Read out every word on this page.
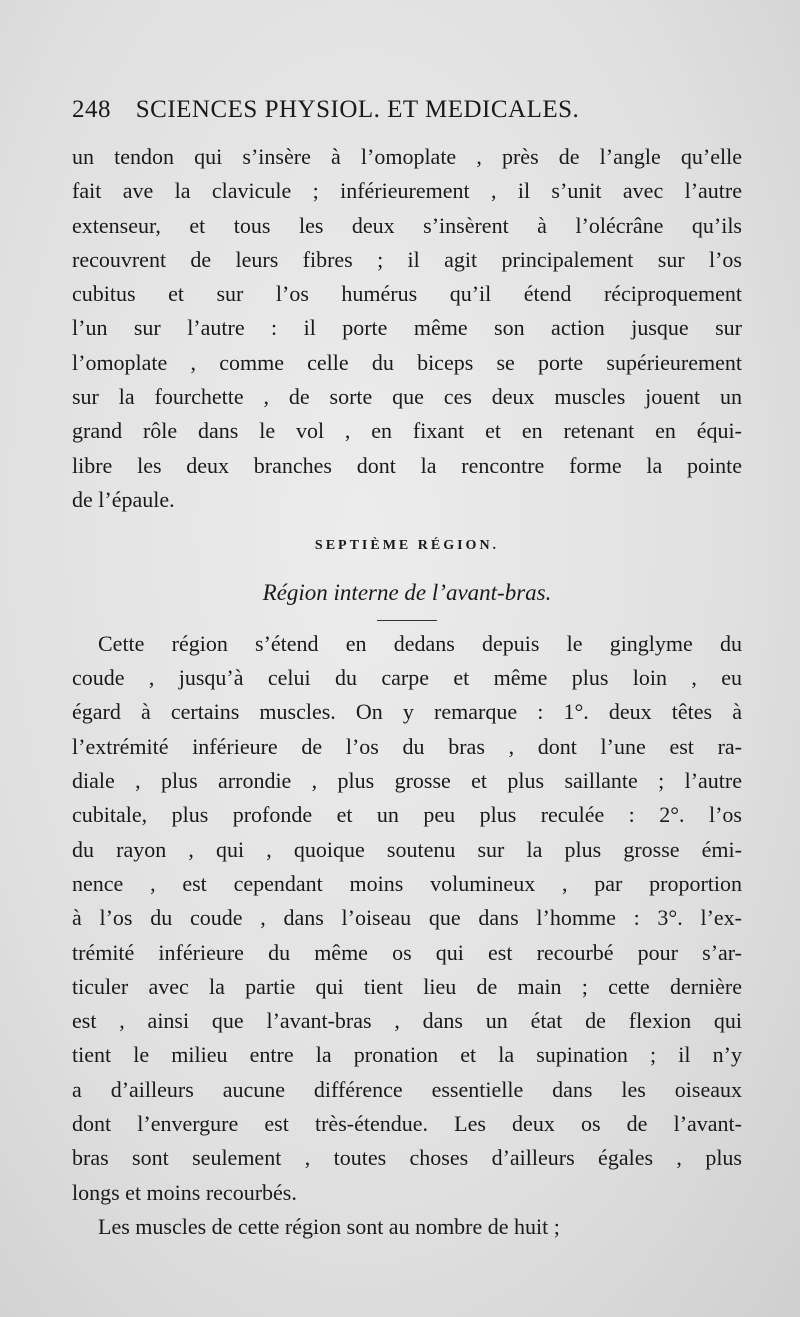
248 SCIENCES PHYSIOL. ET MEDICALES.

un tendon qui s’insère à l’omoplate , près de l’angle qu’elle
fait ave la clavicule ; inférieurement , il s’unit avec l’autre
extenseur, et tous les deux s’insèrent à l’olécrâne qu’ils
recouvrent de leurs fibres ; il agit principalement sur l’os
cubitus et sur l’os humérus qu’il étend réciproquement
l’un sur l’autre : il porte même son action jusque sur
l’omoplate , comme celle du biceps se porte supérieurement
sur la fourchette , de sorte que ces deux muscles jouent un
grand rôle dans le vol , en fixant et en retenant en équi-
libre les deux branches dont la rencontre forme la pointe
de l’épaule.

SEPTIÈME RÉGION.
Région interne de l’avant-bras.

Cette région s’étend en dedans depuis le ginglyme du
coude , jusqu’à celui du carpe et même plus loin , eu
égard à certains muscles. On y remarque : 1°. deux têtes à
l’extrémité inférieure de l’os du bras , dont l’une est ra-
diale , plus arrondie , plus grosse et plus saillante ; l’autre
cubitale, plus profonde et un peu plus reculée : 2°. l’os
du rayon , qui , quoique soutenu sur la plus grosse émi-
nence , est cependant moins volumineux , par proportion
à l’os du coude , dans l’oiseau que dans l’homme : 3°. l’ex-
trémité inférieure du même os qui est recourbé pour s’ar-
ticuler avec la partie qui tient lieu de main ; cette dernière
est , ainsi que l’avant-bras , dans un état de flexion qui
tient le milieu entre la pronation et la supination ; il n’y
a d’ailleurs aucune différence essentielle dans les oiseaux
dont l’envergure est très-étendue. Les deux os de l’avant-
bras sont seulement , toutes choses d’ailleurs égales , plus
longs et moins recourbés.

Les muscles de cette région sont au nombre de huit ;
